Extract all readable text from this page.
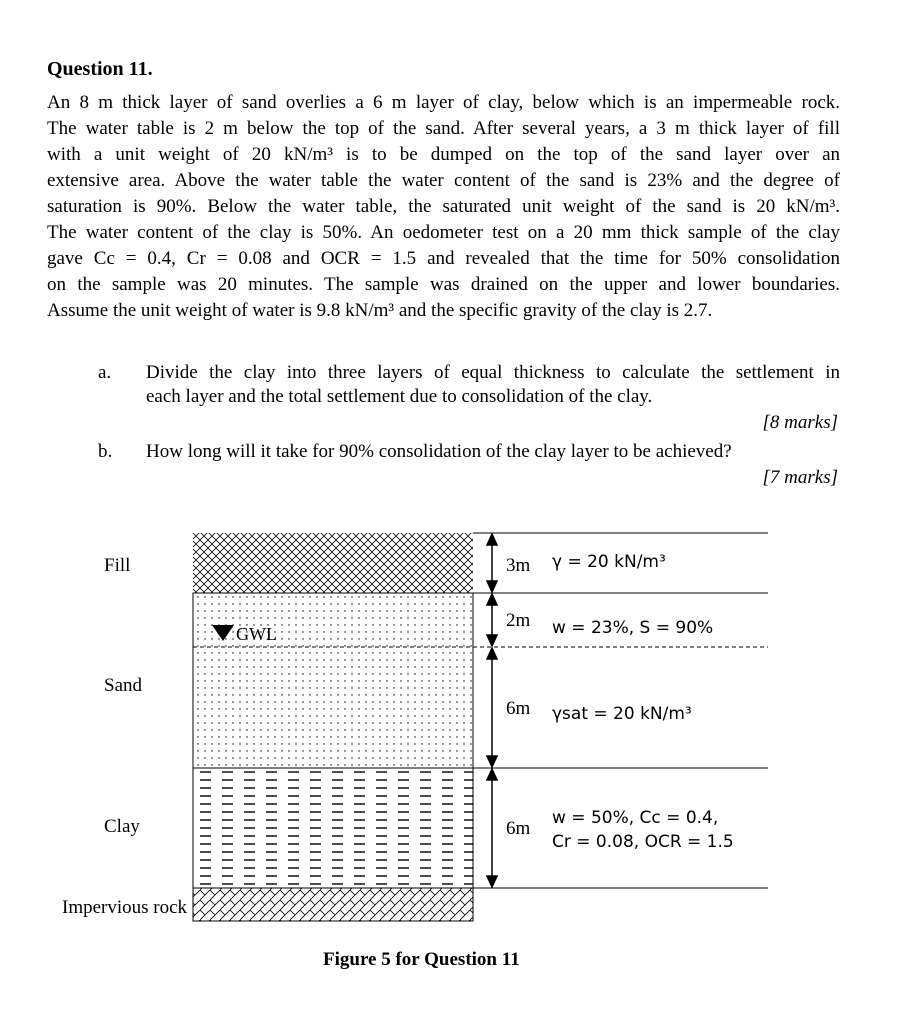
Question 11.
An 8 m thick layer of sand overlies a 6 m layer of clay, below which is an impermeable rock.
The water table is 2 m below the top of the sand. After several years, a 3 m thick layer of fill
with a unit weight of 20 kN/m³ is to be dumped on the top of the sand layer over an
extensive area. Above the water table the water content of the sand is 23% and the degree of
saturation is 90%. Below the water table, the saturated unit weight of the sand is 20 kN/m³.
The water content of the clay is 50%. An oedometer test on a 20 mm thick sample of the clay
gave Cc = 0.4, Cr = 0.08 and OCR = 1.5 and revealed that the time for 50% consolidation
on the sample was 20 minutes. The sample was drained on the upper and lower boundaries.
Assume the unit weight of water is 9.8 kN/m³ and the specific gravity of the clay is 2.7.
a. Divide the clay into three layers of equal thickness to calculate the settlement in
each layer and the total settlement due to consolidation of the clay.
[8 marks]
b. How long will it take for 90% consolidation of the clay layer to be achieved?
[7 marks]
GWL
Fill
Sand
Clay
Impervious rock
3m
2m
6m
6m
γ = 20 kN/m³
w = 23%, S = 90%
γsat = 20 kN/m³
w = 50%, Cc = 0.4,
Cr = 0.08, OCR = 1.5
Figure 5 for Question 11
